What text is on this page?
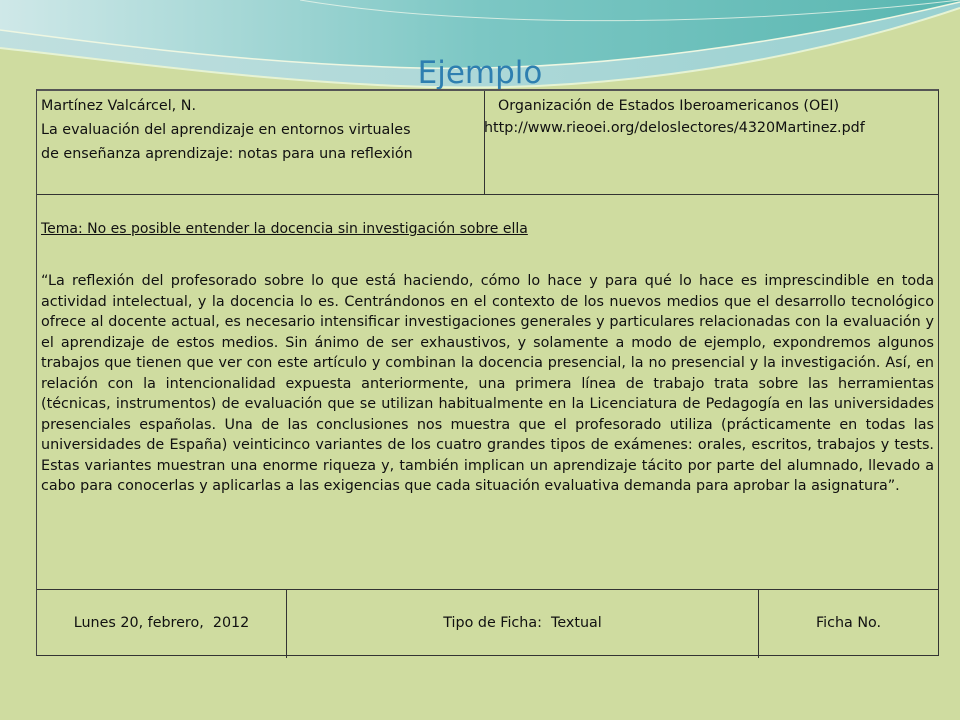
Ejemplo
Martínez Valcárcel, N.
La evaluación del aprendizaje en entornos virtuales
de enseñanza aprendizaje: notas para una reflexión
Organización de Estados Iberoamericanos (OEI)
http://www.rieoei.org/deloslectores/4320Martinez.pdf
Tema: No es posible entender la docencia sin investigación sobre ella

“La reflexión del profesorado sobre lo que está haciendo, cómo lo hace y para qué lo hace es imprescindible en toda actividad intelectual, y la docencia lo es. Centrándonos en el contexto de los nuevos medios que el desarrollo tecnológico ofrece al docente actual, es necesario intensificar investigaciones generales y particulares relacionadas con la evaluación y el aprendizaje de estos medios. Sin ánimo de ser exhaustivos, y solamente a modo de ejemplo, expondremos algunos trabajos que tienen que ver con este artículo y combinan la docencia presencial, la no presencial y la investigación. Así, en relación con la intencionalidad expuesta anteriormente, una primera línea de trabajo trata sobre las herramientas (técnicas, instrumentos) de evaluación que se utilizan habitualmente en la Licenciatura de Pedagogía en las universidades presenciales españolas. Una de las conclusiones nos muestra que el profesorado utiliza (prácticamente en todas las universidades de España) veinticinco variantes de los cuatro grandes tipos de exámenes: orales, escritos, trabajos y tests. Estas variantes muestran una enorme riqueza y, también implican un aprendizaje tácito por parte del alumnado, llevado a cabo para conocerlas y aplicarlas a las exigencias que cada situación evaluativa demanda para aprobar la asignatura”.

Lunes 20, febrero,  2012	Tipo de Ficha:  Textual	Ficha No.
